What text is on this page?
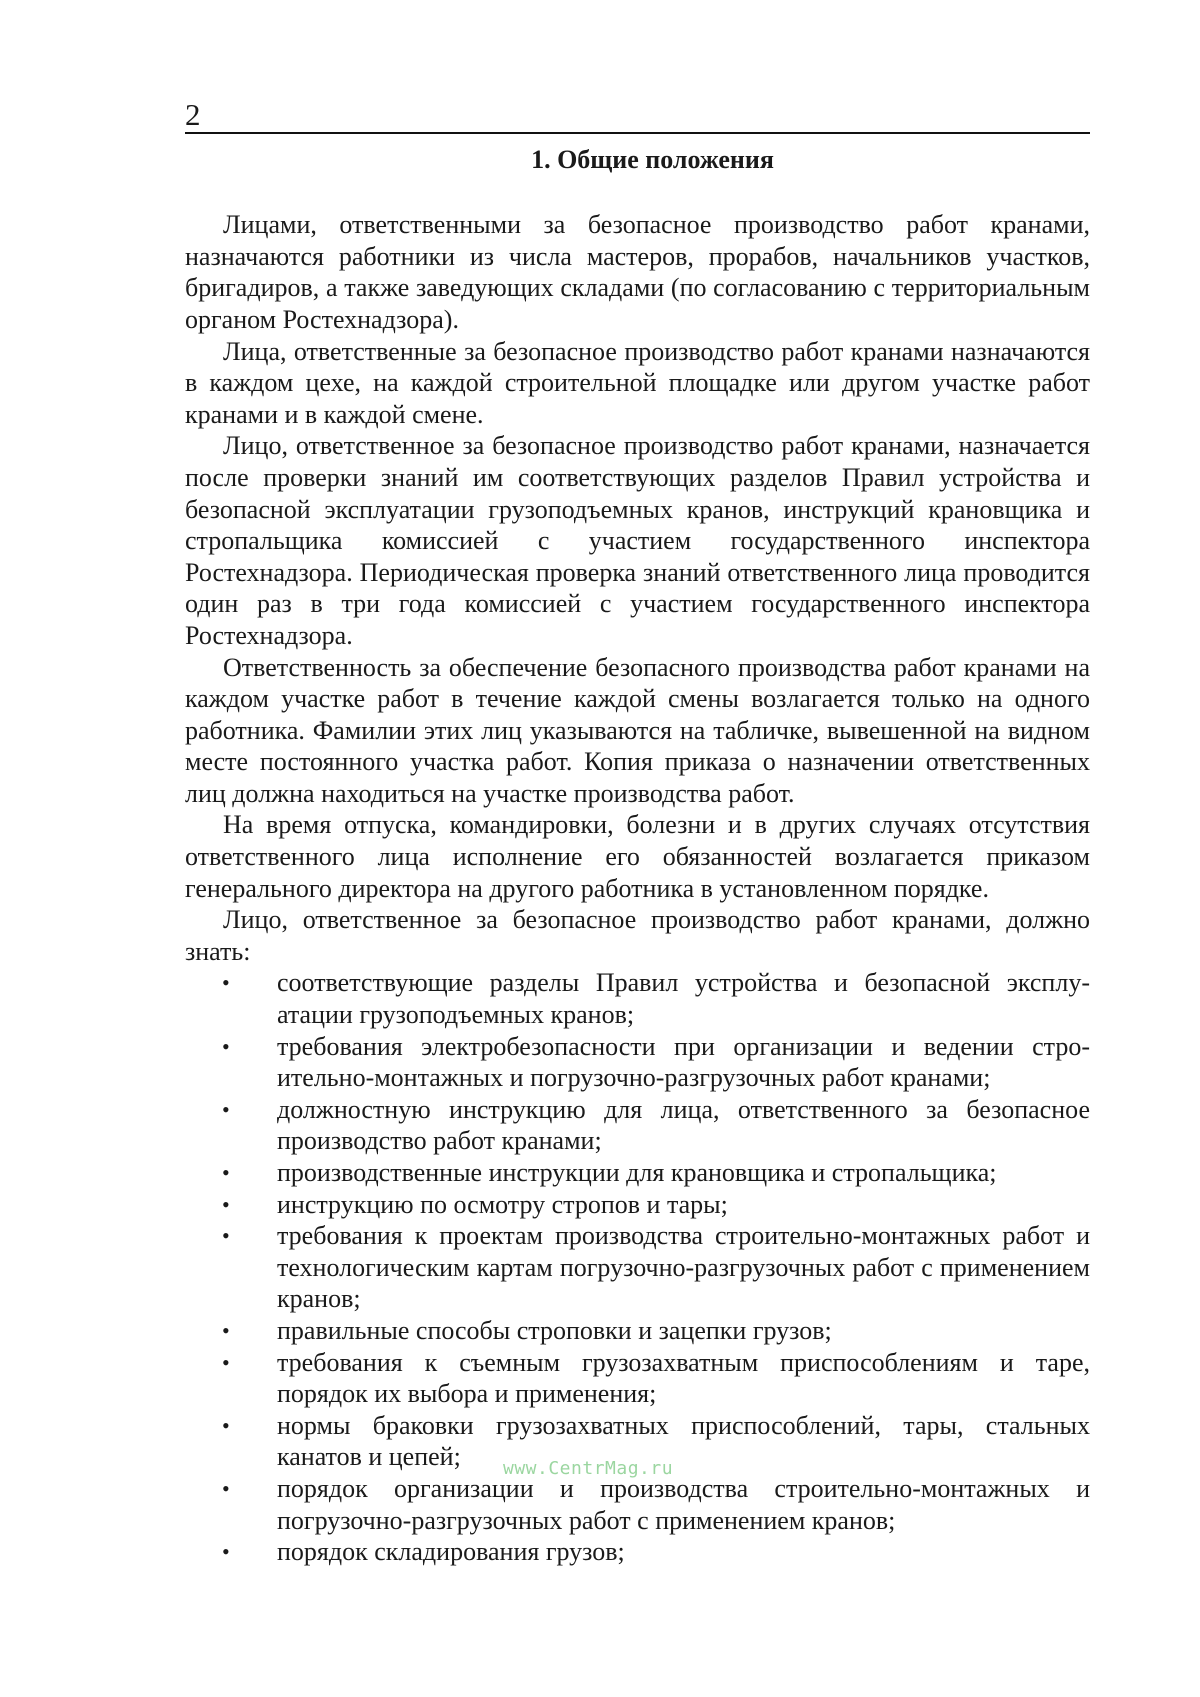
2
1. Общие положения

Лицами, ответственными за безопасное производство работ кранами, назначаются работники из числа мастеров, прорабов, начальников участков, бригадиров, а также заведующих складами (по согласованию с территориальным органом Ростехнадзора).

Лица, ответственные за безопасное производство работ кранами назначаются в каждом цехе, на каждой строительной площадке или другом участке работ кранами и в каждой смене.

Лицо, ответственное за безопасное производство работ кранами, назначается после проверки знаний им соответствующих разделов Правил устройства и безопасной эксплуатации грузоподъемных кранов, инструкций крановщика и стропальщика комиссией с участием государственного инспектора Ростехнадзора. Периодическая проверка знаний ответственного лица проводится один раз в три года комиссией с участием государственного инспектора Ростехнадзора.

Ответственность за обеспечение безопасного производства работ кранами на каждом участке работ в течение каждой смены возлагается только на одного работника. Фамилии этих лиц указываются на табличке, вывешенной на видном месте постоянного участка работ. Копия приказа о назначении ответственных лиц должна находиться на участке производства работ.

На время отпуска, командировки, болезни и в других случаях отсутствия ответственного лица исполнение его обязанностей возлагается приказом генерального директора на другого работника в установленном порядке.

Лицо, ответственное за безопасное производство работ кранами, должно знать:

• соответствующие разделы Правил устройства и безопасной эксплуатации грузоподъемных кранов;
• требования электробезопасности при организации и ведении строительно-монтажных и погрузочно-разгрузочных работ кранами;
• должностную инструкцию для лица, ответственного за безопасное производство работ кранами;
• производственные инструкции для крановщика и стропальщика;
• инструкцию по осмотру стропов и тары;
• требования к проектам производства строительно-монтажных работ и технологическим картам погрузочно-разгрузочных работ с применением кранов;
• правильные способы строповки и зацепки грузов;
• требования к съемным грузозахватным приспособлениям и таре, порядок их выбора и применения;
• нормы браковки грузозахватных приспособлений, тары, стальных канатов и цепей;
• порядок организации и производства строительно-монтажных и погрузочно-разгрузочных работ с применением кранов;
• порядок складирования грузов;
www.CentrMag.ru
